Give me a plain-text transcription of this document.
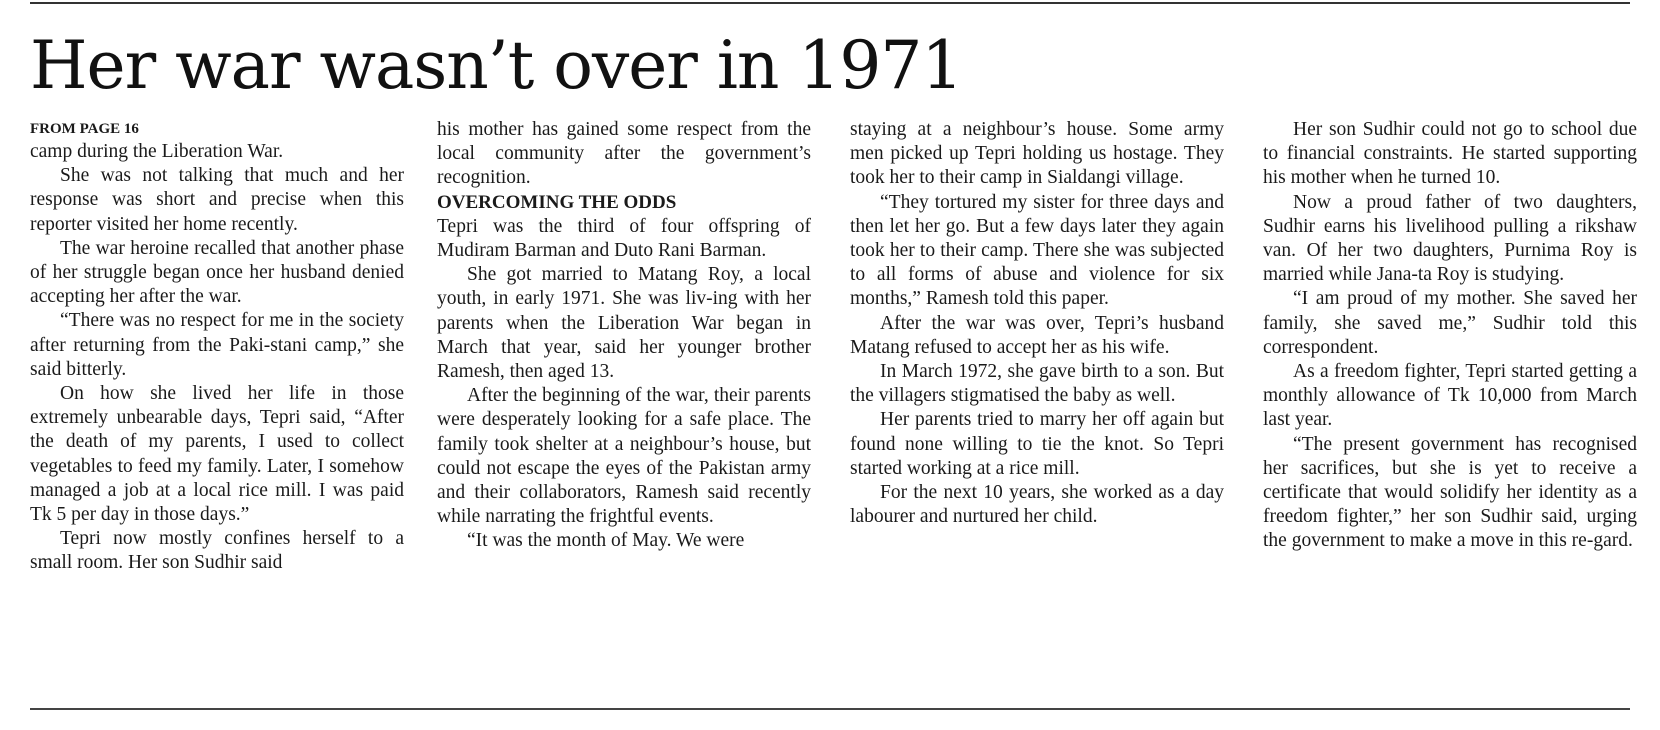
Her war wasn’t over in 1971
FROM PAGE 16

camp during the Liberation War.

She was not talking that much and her response was short and precise when this reporter visited her home recently.

The war heroine recalled that another phase of her struggle began once her husband denied accepting her after the war.

“There was no respect for me in the society after returning from the Paki-stani camp,” she said bitterly.

On how she lived her life in those extremely unbearable days, Tepri said, “After the death of my parents, I used to collect vegetables to feed my family. Later, I somehow managed a job at a local rice mill. I was paid Tk 5 per day in those days.”

Tepri now mostly confines herself to a small room. Her son Sudhir said

his mother has gained some respect from the local community after the government’s recognition.

OVERCOMING THE ODDS

Tepri was the third of four offspring of Mudiram Barman and Duto Rani Barman.

She got married to Matang Roy, a local youth, in early 1971. She was liv-ing with her parents when the Liberation War began in March that year, said her younger brother Ramesh, then aged 13.

After the beginning of the war, their parents were desperately looking for a safe place. The family took shelter at a neighbour’s house, but could not escape the eyes of the Pakistan army and their collaborators, Ramesh said recently while narrating the frightful events.

“It was the month of May. We were

staying at a neighbour’s house. Some army men picked up Tepri holding us hostage. They took her to their camp in Sialdangi village.

“They tortured my sister for three days and then let her go. But a few days later they again took her to their camp. There she was subjected to all forms of abuse and violence for six months,” Ramesh told this paper.

After the war was over, Tepri’s husband Matang refused to accept her as his wife.

In March 1972, she gave birth to a son. But the villagers stigmatised the baby as well.

Her parents tried to marry her off again but found none willing to tie the knot. So Tepri started working at a rice mill.

For the next 10 years, she worked as a day labourer and nurtured her child.

Her son Sudhir could not go to school due to financial constraints. He started supporting his mother when he turned 10.

Now a proud father of two daughters, Sudhir earns his livelihood pulling a rikshaw van. Of her two daughters, Purnima Roy is married while Jana-ta Roy is studying.

“I am proud of my mother. She saved her family, she saved me,” Sudhir told this correspondent.

As a freedom fighter, Tepri started getting a monthly allowance of Tk 10,000 from March last year.

“The present government has recognised her sacrifices, but she is yet to receive a certificate that would solidify her identity as a freedom fighter,” her son Sudhir said, urging the government to make a move in this re-gard.
